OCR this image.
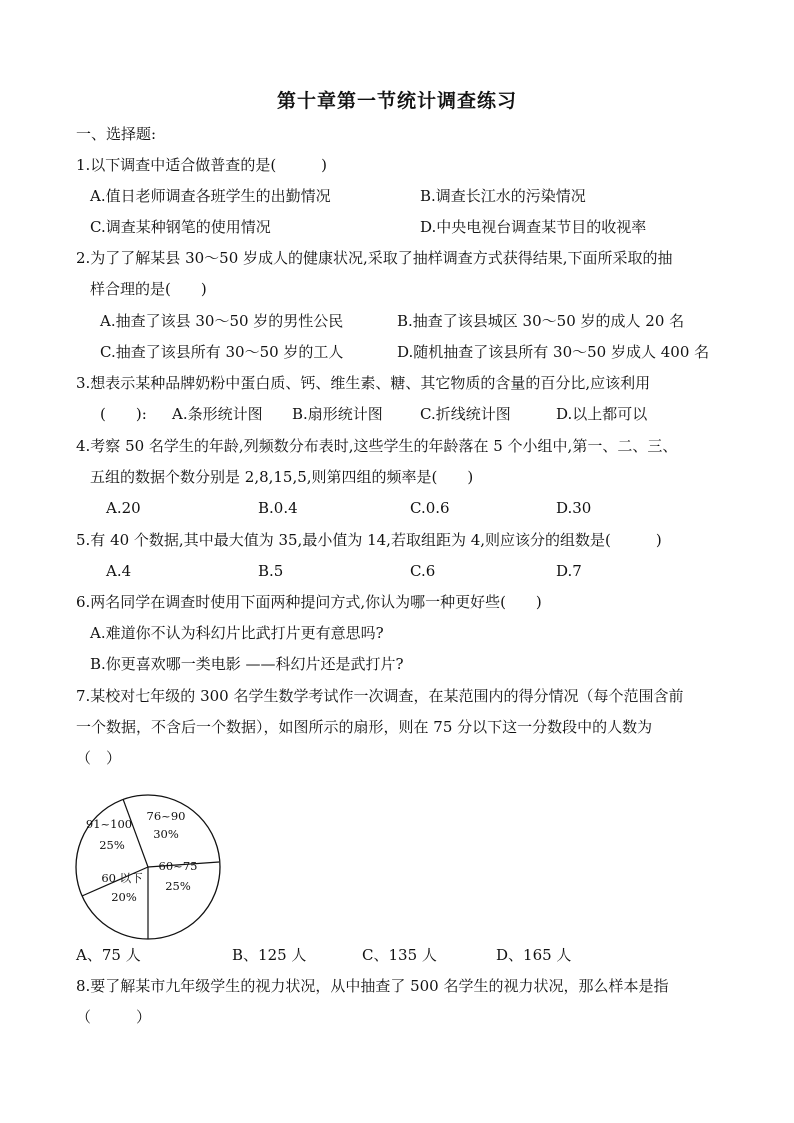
第十章第一节统计调查练习
一、选择题:
1.以下调查中适合做普查的是(　　　)
A.值日老师调查各班学生的出勤情况	B.调查长江水的污染情况
C.调查某种钢笔的使用情况	D.中央电视台调查某节目的收视率
2.为了了解某县 30～50 岁成人的健康状况,采取了抽样调查方式获得结果,下面所采取的抽
样合理的是(　　)
A.抽查了该县 30～50 岁的男性公民	B.抽查了该县城区 30～50 岁的成人 20 名
C.抽查了该县所有 30～50 岁的工人	D.随机抽查了该县所有 30～50 岁成人 400 名
3.想表示某种品牌奶粉中蛋白质、钙、维生素、糖、其它物质的含量的百分比,应该利用
(　　): A.条形统计图 B.扇形统计图 C.折线统计图	D.以上都可以
4.考察 50 名学生的年龄,列频数分布表时,这些学生的年龄落在 5 个小组中,第一、二、三、
五组的数据个数分别是 2,8,15,5,则第四组的频率是(　　)
A.20	B.0.4	C.0.6	D.30
5.有 40 个数据,其中最大值为 35,最小值为 14,若取组距为 4,则应该分的组数是(　　　)
A.4	B.5	C.6	D.7
6.两名同学在调查时使用下面两种提问方式,你认为哪一种更好些(　　)
A.难道你不认为科幻片比武打片更有意思吗?
B.你更喜欢哪一类电影 ——科幻片还是武打片?
7.某校对七年级的 300 名学生数学考试作一次调查，在某范围内的得分情况（每个范围含前
一个数据，不含后一个数据），如图所示的扇形，则在 75 分以下这一分数段中的人数为
（　）
76~90
30%
60~75
25%
60 以下
20%
91~100
25%
A、75 人	B、125 人	C、135 人	D、165 人
8.要了解某市九年级学生的视力状况，从中抽查了 500 名学生的视力状况，那么样本是指
（　　　）
